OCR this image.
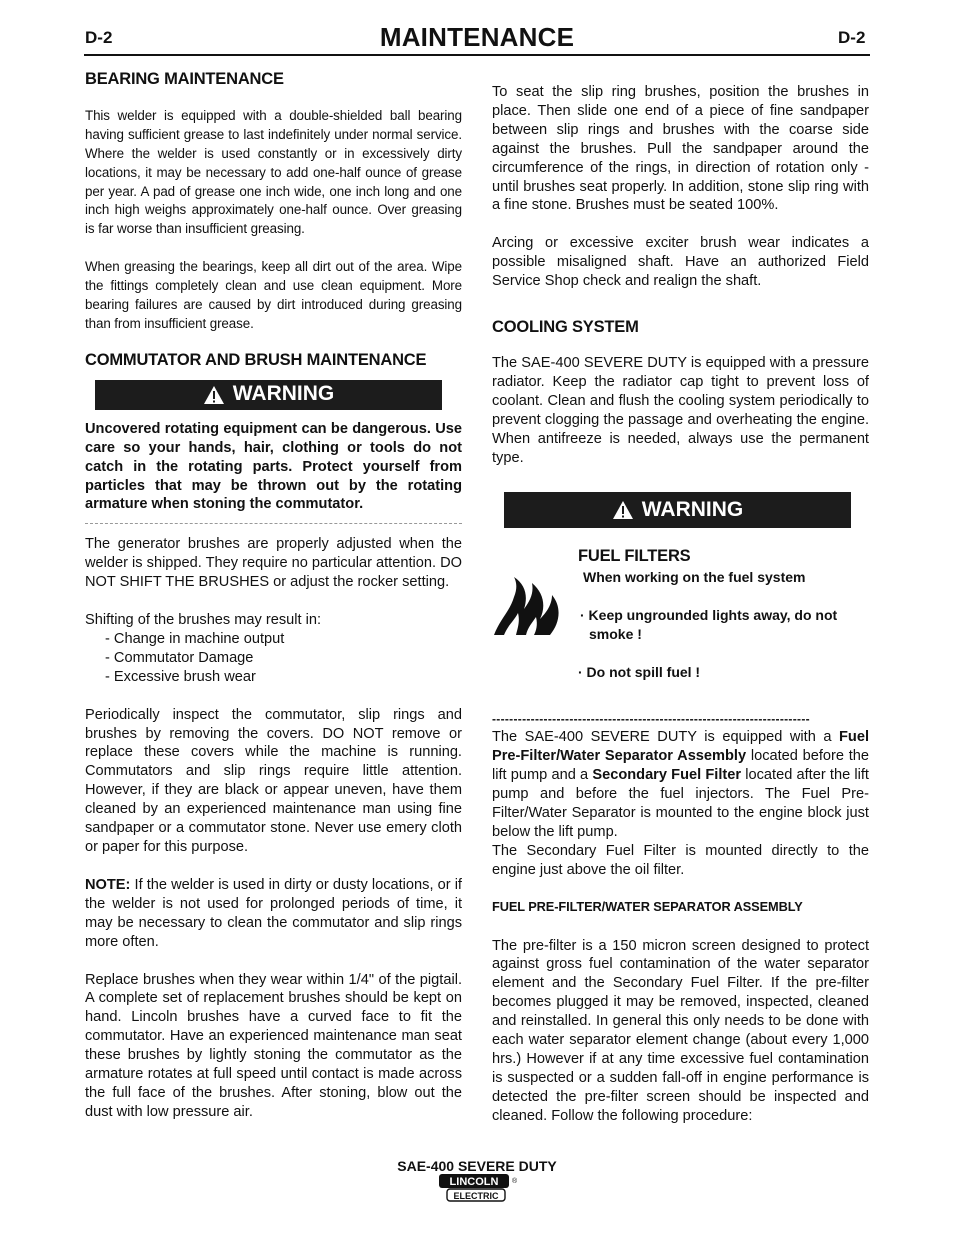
D-2	MAINTENANCE	D-2
BEARING MAINTENANCE

This welder is equipped with a double-shielded ball bearing having sufficient grease to last indefinitely under normal service. Where the welder is used constantly or in excessively dirty locations, it may be necessary to add one-half ounce of grease per year. A pad of grease one inch wide, one inch long and one inch high weighs approximately one-half ounce. Over greasing is far worse than insufficient greasing.

When greasing the bearings, keep all dirt out of the area. Wipe the fittings completely clean and use clean equipment. More bearing failures are caused by dirt introduced during greasing than from insufficient grease.

COMMUTATOR AND BRUSH MAINTENANCE
WARNING

Uncovered rotating equipment can be dangerous. Use care so your hands, hair, clothing or tools do not catch in the rotating parts. Protect yourself from particles that may be thrown out by the rotating armature when stoning the commutator.

The generator brushes are properly adjusted when the welder is shipped. They require no particular attention. DO NOT SHIFT THE BRUSHES or adjust the rocker setting.

Shifting of the brushes may result in:

- Change in machine output
- Commutator Damage
- Excessive brush wear

Periodically inspect the commutator, slip rings and brushes by removing the covers. DO NOT remove or replace these covers while the machine is running. Commutators and slip rings require little attention. However, if they are black or appear uneven, have them cleaned by an experienced maintenance man using fine sandpaper or a commutator stone. Never use emery cloth or paper for this purpose.

NOTE: If the welder is used in dirty or dusty locations, or if the welder is not used for prolonged periods of time, it may be necessary to clean the commutator and slip rings more often.

Replace brushes when they wear within 1/4" of the pigtail. A complete set of replacement brushes should be kept on hand. Lincoln brushes have a curved face to fit the commutator. Have an experienced maintenance man seat these brushes by lightly stoning the commutator as the armature rotates at full speed until contact is made across the full face of the brushes. After stoning, blow out the dust with low pressure air.

To seat the slip ring brushes, position the brushes in place. Then slide one end of a piece of fine sandpaper between slip rings and brushes with the coarse side against the brushes. Pull the sandpaper around the circumference of the rings, in direction of rotation only - until brushes seat properly. In addition, stone slip ring with a fine stone. Brushes must be seated 100%.

Arcing or excessive exciter brush wear indicates a possible misaligned shaft. Have an authorized Field Service Shop check and realign the shaft.

COOLING SYSTEM

The SAE-400 SEVERE DUTY is equipped with a pressure radiator. Keep the radiator cap tight to prevent loss of coolant. Clean and flush the cooling system periodically to prevent clogging the passage and overheating the engine. When antifreeze is needed, always use the permanent type.

WARNING
FUEL FILTERS

When working on the fuel system

· Keep ungrounded lights away, do not smoke !

· Do not spill fuel !

--------------------------------------------------------------------------

The SAE-400 SEVERE DUTY is equipped with a Fuel Pre-Filter/Water Separator Assembly located before the lift pump and a Secondary Fuel Filter located after the lift pump and before the fuel injectors. The Fuel Pre-Filter/Water Separator is mounted to the engine block just below the lift pump.

The Secondary Fuel Filter is mounted directly to the engine just above the oil filter.

FUEL PRE-FILTER/WATER SEPARATOR ASSEMBLY

The pre-filter is a 150 micron screen designed to protect against gross fuel contamination of the water separator element and the Secondary Fuel Filter. If the pre-filter becomes plugged it may be removed, inspected, cleaned and reinstalled. In general this only needs to be done with each water separator element change (about every 1,000 hrs.) However if at any time excessive fuel contamination is suspected or a sudden fall-off in engine performance is detected the pre-filter screen should be inspected and cleaned. Follow the following procedure:

SAE-400 SEVERE DUTY
LINCOLN ®
ELECTRIC
